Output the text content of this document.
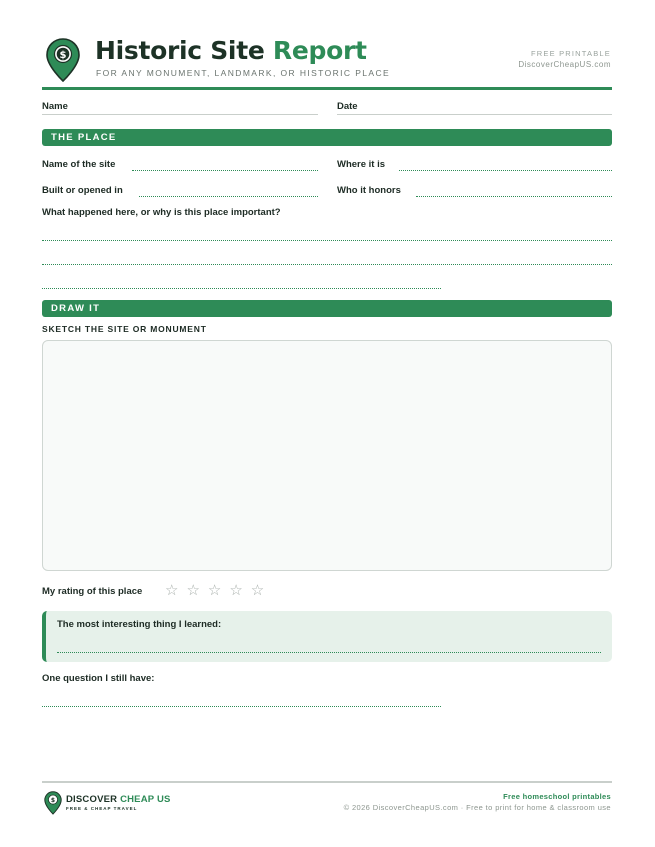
$ Historic Site Report
FOR ANY MONUMENT, LANDMARK, OR HISTORIC PLACE
FREE PRINTABLE
DiscoverCheapUS.com
Name	Date
THE PLACE
Name of the site	Where it is
Built or opened in	Who it honors
What happened here, or why is this place important?
DRAW IT
SKETCH THE SITE OR MONUMENT
My rating of this place ☆☆☆☆☆
The most interesting thing I learned:
One question I still have:
$ DISCOVER CHEAP US
FREE & CHEAP TRAVEL
Free homeschool printables
© 2026 DiscoverCheapUS.com · Free to print for home & classroom use
